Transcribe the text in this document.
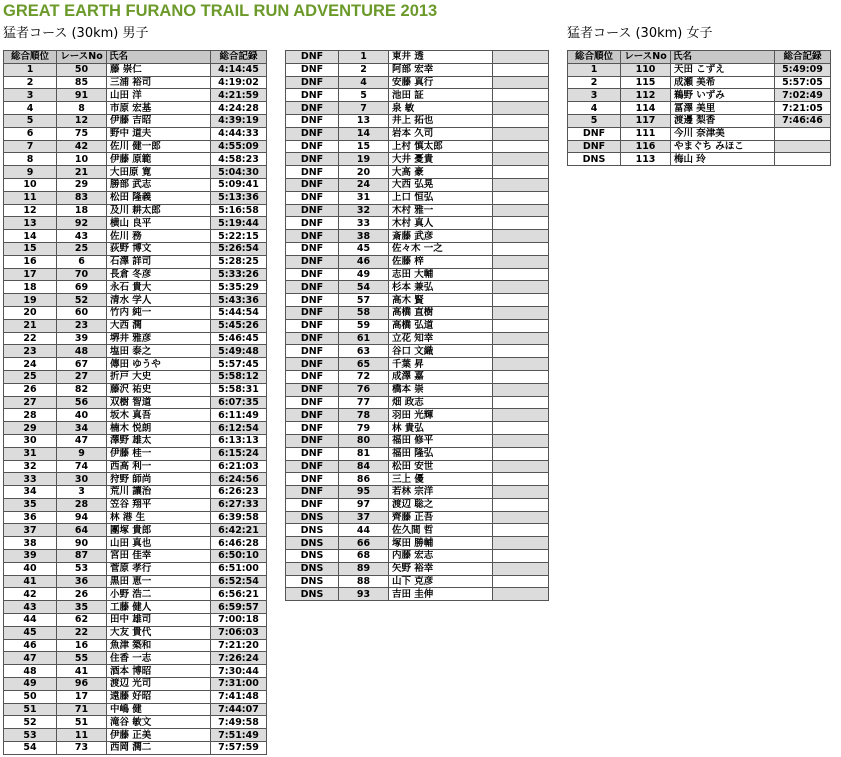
GREAT EARTH FURANO TRAIL RUN ADVENTURE 2013
猛者コース (30km) 男子	猛者コース (30km) 女子
総合順位	レースNo	氏名	総合記録
1	50	藤 崇仁	4:14:45
2	85	三浦 裕司	4:19:02
3	91	山田 洋	4:21:59
4	8	市原 宏基	4:24:28
5	12	伊藤 吉昭	4:39:19
6	75	野中 道夫	4:44:33
7	42	佐川 健一郎	4:55:09
8	10	伊藤 原範	4:58:23
9	21	大田原 寛	5:04:30
10	29	勝部 武志	5:09:41
11	83	松田 隆義	5:13:36
12	18	及川 耕太郎	5:16:58
13	92	横山 良平	5:19:44
14	43	佐川 務	5:22:15
15	25	荻野 博文	5:26:54
16	6	石澤 詳司	5:28:25
17	70	長倉 冬彦	5:33:26
18	69	永石 貴大	5:35:29
19	52	清水 学人	5:43:36
20	60	竹内 純一	5:44:54
21	23	大西 潤	5:45:26
22	39	堺井 雅彦	5:46:45
23	48	塩田 泰之	5:49:48
24	67	傳田 ゆうや	5:57:45
25	27	折戸 大史	5:58:12
26	82	藤沢 祐史	5:58:31
27	56	双樹 智道	6:07:35
28	40	坂木 真吾	6:11:49
29	34	楠木 悦朗	6:12:54
30	47	澤野 雄太	6:13:13
31	9	伊藤 桂一	6:15:24
32	74	西高 利一	6:21:03
33	30	狩野 師尚	6:24:56
34	3	荒川 讓治	6:26:23
35	28	笠谷 翔平	6:27:33
36	94	林 港 生	6:39:58
37	64	團塚 貴郎	6:42:21
38	90	山田 真也	6:46:28
39	87	宮田 佳幸	6:50:10
40	53	菅原 孝行	6:51:00
41	36	黒田 恵一	6:52:54
42	26	小野 浩二	6:56:21
43	35	工藤 健人	6:59:57
44	62	田中 雄司	7:00:18
45	22	大友 貴代	7:06:03
46	16	魚津 築和	7:21:20
47	55	住香 一志	7:26:24
48	41	酒本 博昭	7:30:44
49	96	渡辺 光司	7:31:00
50	17	遠藤 好昭	7:41:48
51	71	中嶋 健	7:44:07
52	51	滝谷 敏文	7:49:58
53	11	伊藤 正美	7:51:49
54	73	西岡 潤二	7:57:59
DNF	1	東井 透	
DNF	2	阿部 宏幸	
DNF	4	安藤 真行	
DNF	5	池田 証	
DNF	7	泉 敏	
DNF	13	井上 拓也	
DNF	14	岩本 久司	
DNF	15	上村 慎太郎	
DNF	19	大井 憂貴	
DNF	20	大高 豪	
DNF	24	大西 弘晃	
DNF	31	上口 恒弘	
DNF	32	木村 雅一	
DNF	33	木村 真人	
DNF	38	斎藤 武彦	
DNF	45	佐々木 一之	
DNF	46	佐藤 梓	
DNF	49	志田 大輔	
DNF	54	杉本 兼弘	
DNF	57	高木 賢	
DNF	58	高橋 直樹	
DNF	59	高橋 弘道	
DNF	61	立花 知幸	
DNF	63	谷口 文織	
DNF	65	千葉 昇	
DNF	72	成澤 嘉	
DNF	76	橋本 崇	
DNF	77	畑 政志	
DNF	78	羽田 光輝	
DNF	79	林 貴弘	
DNF	80	福田 修平	
DNF	81	福田 隆弘	
DNF	84	松田 安世	
DNF	86	三上 優	
DNF	95	若林 宗洋	
DNF	97	渡辺 聡之	
DNS	37	齊藤 正吾	
DNS	44	佐久間 哲	
DNS	66	塚田 勝輔	
DNS	68	内藤 宏志	
DNS	89	矢野 裕幸	
DNS	88	山下 克彦	
DNS	93	吉田 圭伸	
総合順位	レースNo	氏名	総合記録
1	110	天田 こずえ	5:49:09
2	115	成瀬 美希	5:57:05
3	112	鵜野 いずみ	7:02:49
4	114	冨澤 美里	7:21:05
5	117	渡邊 梨香	7:46:46
DNF	111	今川 奈津美	
DNF	116	やまぐち みほこ	
DNS	113	梅山 玲	
